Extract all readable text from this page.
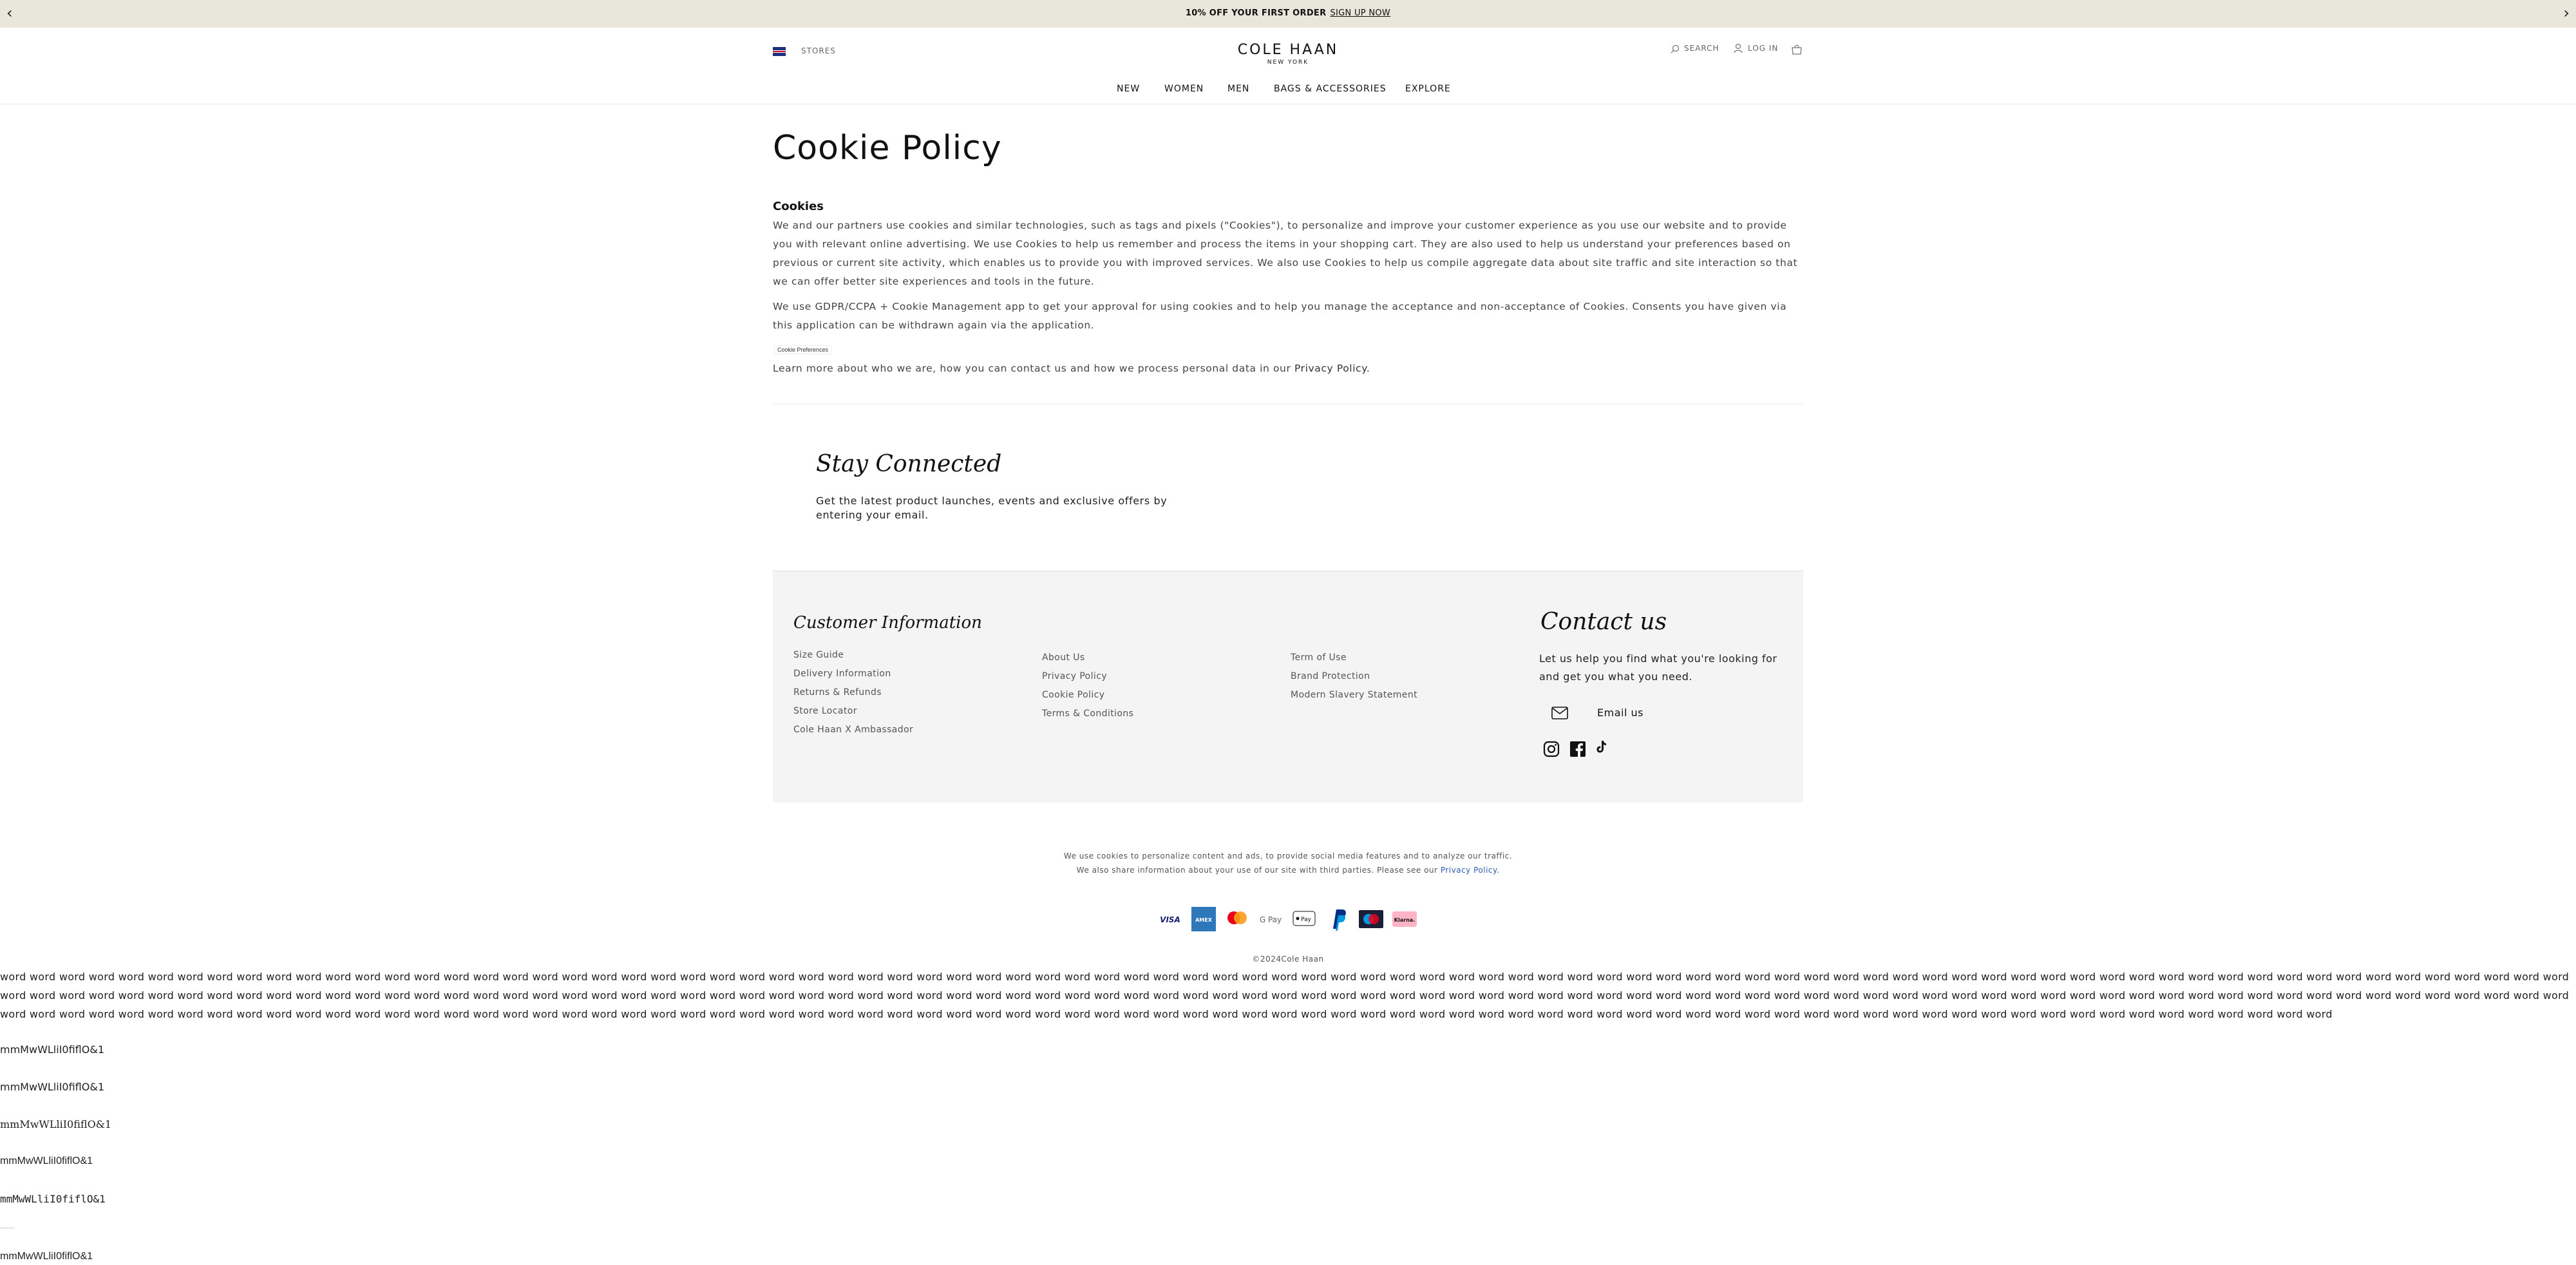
‹	10% OFF YOUR FIRST ORDER SIGN UP NOW	›
STORES	COLE HAAN
NEW YORK
SEARCH	LOG IN
NEW	WOMEN	MEN	BAGS & ACCESSORIES EXPLORE
Cookie Policy
Cookies

We and our partners use cookies and similar technologies, such as tags and pixels ("Cookies"), to personalize and improve your customer experience as you use our website and to provide you with relevant online advertising. We use Cookies to help us remember and process the items in your shopping cart. They are also used to help us understand your preferences based on previous or current site activity, which enables us to provide you with improved services. We also use Cookies to help us compile aggregate data about site traffic and site interaction so that we can offer better site experiences and tools in the future.

We use GDPR/CCPA + Cookie Management app to get your approval for using cookies and to help you manage the acceptance and non-acceptance of Cookies. Consents you have given via this application can be withdrawn again via the application.

Cookie Preferences

Learn more about who we are, how you can contact us and how we process personal data in our Privacy Policy.

Stay Connected
Get the latest product launches, events and exclusive offers by entering your email.
Customer Information
Size Guide
Delivery Information
Returns & Refunds
Store Locator
Cole Haan X Ambassador
About Us
Privacy Policy
Cookie Policy
Terms & Conditions
Term of Use
Brand Protection
Modern Slavery Statement
Contact us
Let us help you find what you're looking for and get you what you need.
Email us
We use cookies to personalize content and ads, to provide social media features and to analyze our traffic.
We also share information about your use of our site with third parties. Please see our Privacy Policy.
VISA	AMEX	G Pay	Pay	Klarna.
©2024Cole Haan
word word word word word word word word word word word word word word word word word word word word word word word word word word word word word word word word word word word word word word word word word word word word word word word word word word word word word word word word word word word word word word word word word word word word word word word word word word word word word word word word word word word word word word word word word word word word word word word word word word word word word word word word word word word word word word word word word word word word word word word word word word word word word word word word word word word word word word word word word word word word word word word word word word word word word word word word word word word word word word word word word word word word word word word word word word word word word word word word word word word word word word word word word word word word word word word word word word word word word word word word word word word word word word word word word word word word word word word word word word word word word word word word word word word word word word word word word word word word word word word word word word word word word word word word word word word word word
mmMwWLliI0fiflO&1
mmMwWLliI0fiflO&1
mmMwWLliI0fiflO&1
mmMwWLliI0fiflO&1
mmMwWLliI0fiflO&1
mmMwWLliI0fiflO&1
